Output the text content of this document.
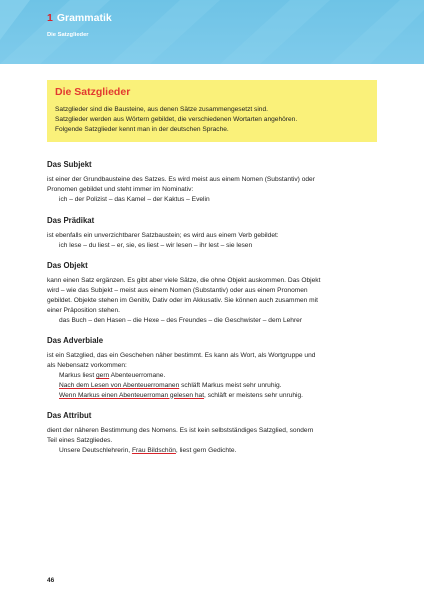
1 Grammatik
Die Satzglieder
Die Satzglieder
Satzglieder sind die Bausteine, aus denen Sätze zusammengesetzt sind.
Satzglieder werden aus Wörtern gebildet, die verschiedenen Wortarten angehören.
Folgende Satzglieder kennt man in der deutschen Sprache.
Das Subjekt
ist einer der Grundbausteine des Satzes. Es wird meist aus einem Nomen (Substantiv) oder
Pronomen gebildet und steht immer im Nominativ:
ich – der Polizist – das Kamel – der Kaktus – Evelin
Das Prädikat
ist ebenfalls ein unverzichtbarer Satzbaustein; es wird aus einem Verb gebildet:
ich lese – du liest – er, sie, es liest – wir lesen – ihr lest – sie lesen
Das Objekt
kann einen Satz ergänzen. Es gibt aber viele Sätze, die ohne Objekt auskommen. Das Objekt
wird – wie das Subjekt – meist aus einem Nomen (Substantiv) oder aus einem Pronomen
gebildet. Objekte stehen im Genitiv, Dativ oder im Akkusativ. Sie können auch zusammen mit
einer Präposition stehen.
das Buch – den Hasen – die Hexe – des Freundes – die Geschwister – dem Lehrer
Das Adverbiale
ist ein Satzglied, das ein Geschehen näher bestimmt. Es kann als Wort, als Wortgruppe und
als Nebensatz vorkommen:
Markus liest gern Abenteuerromane.
Nach dem Lesen von Abenteuerromanen schläft Markus meist sehr unruhig.
Wenn Markus einen Abenteuerroman gelesen hat, schläft er meistens sehr unruhig.
Das Attribut
dient der näheren Bestimmung des Nomens. Es ist kein selbstständiges Satzglied, sondern
Teil eines Satzgliedes.
Unsere Deutschlehrerin, Frau Bildschön, liest gern Gedichte.
46
